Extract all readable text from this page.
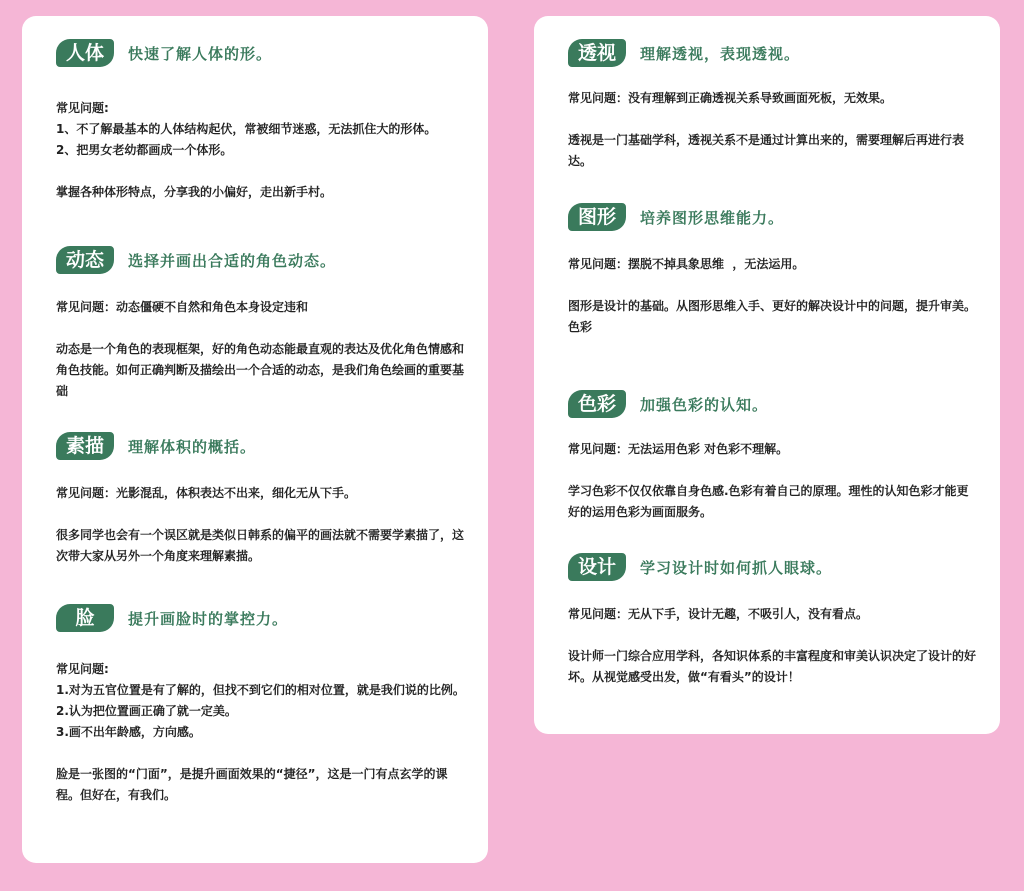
人体	快速了解人体的形。

常见问题:
1、不了解最基本的人体结构起伏，常被细节迷惑，无法抓住大的形体。
2、把男女老幼都画成一个体形。

掌握各种体形特点，分享我的小偏好，走出新手村。

动态	选择并画出合适的角色动态。

常见问题：动态僵硬不自然和角色本身设定违和

动态是一个角色的表现框架，好的角色动态能最直观的表达及优化角色情感和角色技能。如何正确判断及描绘出一个合适的动态，是我们角色绘画的重要基础

素描	理解体积的概括。

常见问题：光影混乱，体积表达不出来，细化无从下手。

很多同学也会有一个误区就是类似日韩系的偏平的画法就不需要学素描了，这次带大家从另外一个角度来理解素描。

脸	提升画脸时的掌控力。

常见问题:
1.对为五官位置是有了解的，但找不到它们的相对位置，就是我们说的比例。
2.认为把位置画正确了就一定美。
3.画不出年龄感，方向感。

脸是一张图的“门面”，是提升画面效果的“捷径”，这是一门有点玄学的课程。但好在，有我们。

透视	理解透视，表现透视。

常见问题：没有理解到正确透视关系导致画面死板，无效果。

透视是一门基础学科，透视关系不是通过计算出来的，需要理解后再进行表达。

图形	培养图形思维能力。

常见问题：摆脱不掉具象思维  ，无法运用。

图形是设计的基础。从图形思维入手、更好的解决设计中的问题，提升审美。
色彩

色彩	加强色彩的认知。

常见问题：无法运用色彩 对色彩不理解。

学习色彩不仅仅依靠自身色感.色彩有着自己的原理。理性的认知色彩才能更好的运用色彩为画面服务。

设计	学习设计时如何抓人眼球。

常见问题：无从下手，设计无趣，不吸引人，没有看点。

设计师一门综合应用学科，各知识体系的丰富程度和审美认识决定了设计的好坏。从视觉感受出发，做“有看头”的设计！
